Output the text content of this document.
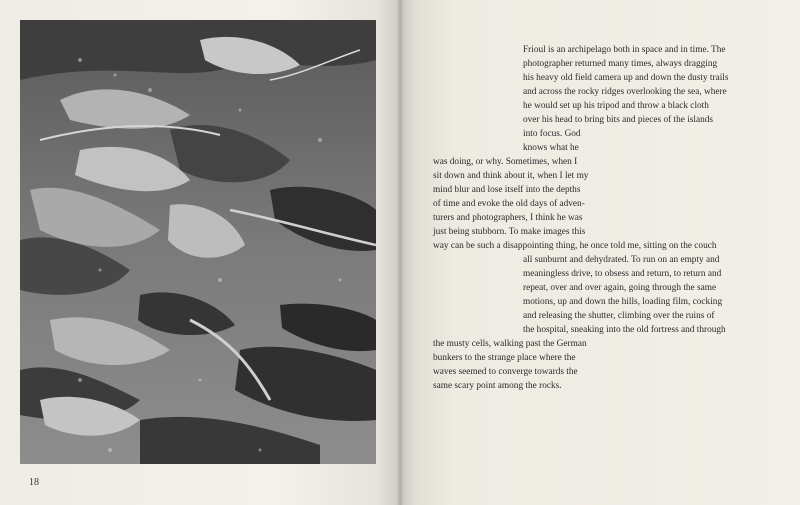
18
Frioul is an archipelago both in space and in time. The
photographer returned many times, always dragging
his heavy old field camera up and down the dusty trails
and across the rocky ridges overlooking the sea, where
he would set up his tripod and throw a black cloth
over his head to bring bits and pieces of the islands
into focus. God
knows what he
was doing, or why. Sometimes, when I
sit down and think about it, when I let my
mind blur and lose itself into the depths
of time and evoke the old days of adven-
turers and photographers, I think he was
just being stubborn. To make images this
way can be such a disappointing thing, he once told me, sitting on the couch
all sunburnt and dehydrated. To run on an empty and
meaningless drive, to obsess and return, to return and
repeat, over and over again, going through the same
motions, up and down the hills, loading film, cocking
and releasing the shutter, climbing over the ruins of
the hospital, sneaking into the old fortress and through
the musty cells, walking past the German
bunkers to the strange place where the
waves seemed to converge towards the
same scary point among the rocks.
